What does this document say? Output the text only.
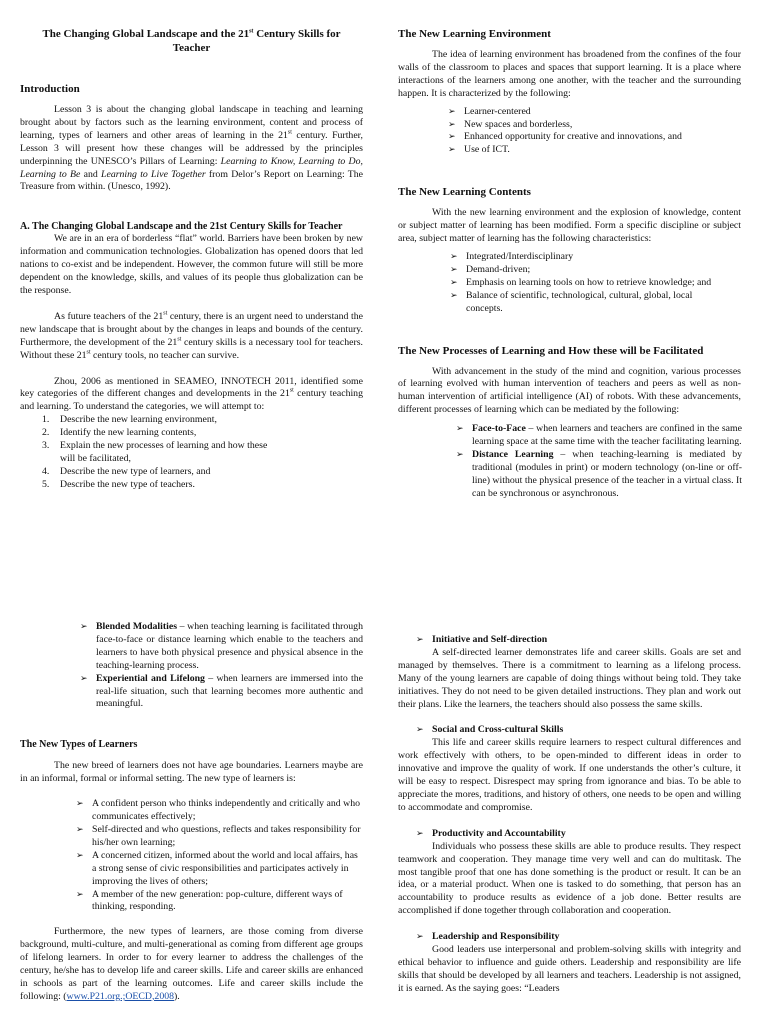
The Changing Global Landscape and the 21st Century Skills for
Teacher

Introduction

Lesson 3 is about the changing global landscape in teaching and learning brought about by factors such as the learning environment, content and process of learning, types of learners and other areas of learning in the 21st century. Further, Lesson 3 will present how these changes will be addressed by the principles underpinning the UNESCO’s Pillars of Learning: Learning to Know, Learning to Do, Learning to Be and Learning to Live Together from Delor’s Report on Learning: The Treasure from within. (Unesco, 1992).

A. The Changing Global Landscape and the 21st Century Skills for Teacher

We are in an era of borderless “flat” world. Barriers have been broken by new information and communication technologies. Globalization has opened doors that led nations to co-exist and be independent. However, the common future will still be more dependent on the knowledge, skills, and values of its people thus globalization can be the response.

As future teachers of the 21st century, there is an urgent need to understand the new landscape that is brought about by the changes in leaps and bounds of the century. Furthermore, the development of the 21st century skills is a necessary tool for teachers. Without these 21st century tools, no teacher can survive.

Zhou, 2006 as mentioned in SEAMEO, INNOTECH 2011, identified some key categories of the different changes and developments in the 21st century teaching and learning. To understand the categories, we will attempt to:

1. Describe the new learning environment,
2. Identify the new learning contents,
3. Explain the new processes of learning and how these will be facilitated,
4. Describe the new type of learners, and
5. Describe the new type of teachers.

The New Learning Environment

The idea of learning environment has broadened from the confines of the four walls of the classroom to places and spaces that support learning. It is a place where interactions of the learners among one another, with the teacher and the surrounding happen. It is characterized by the following:

➢ Learner-centered
➢ New spaces and borderless,
➢ Enhanced opportunity for creative and innovations, and
➢ Use of ICT.

The New Learning Contents

With the new learning environment and the explosion of knowledge, content or subject matter of learning has been modified. Form a specific discipline or subject area, subject matter of learning has the following characteristics:

➢ Integrated/Interdisciplinary
➢ Demand-driven;
➢ Emphasis on learning tools on how to retrieve knowledge; and
➢ Balance of scientific, technological, cultural, global, local concepts.

The New Processes of Learning and How these will be Facilitated

With advancement in the study of the mind and cognition, various processes of learning evolved with human intervention of teachers and peers as well as non-human intervention of artificial intelligence (AI) of robots. With these advancements, different processes of learning which can be mediated by the following:

➢ Face-to-Face – when learners and teachers are confined in the same learning space at the same time with the teacher facilitating learning.
➢ Distance Learning – when teaching-learning is mediated by traditional (modules in print) or modern technology (on-line or off-line) without the physical presence of the teacher in a virtual class. It can be synchronous or asynchronous.
➢ Blended Modalities – when teaching learning is facilitated through face-to-face or distance learning which enable to the teachers and learners to have both physical presence and physical absence in the teaching-learning process.
➢ Experiential and Lifelong – when learners are immersed into the real-life situation, such that learning becomes more authentic and meaningful.

The New Types of Learners

The new breed of learners does not have age boundaries. Learners maybe are in an informal, formal or informal setting. The new type of learners is:

➢ A confident person who thinks independently and critically and who communicates effectively;
➢ Self-directed and who questions, reflects and takes responsibility for his/her own learning;
➢ A concerned citizen, informed about the world and local affairs, has a strong sense of civic responsibilities and participates actively in improving the lives of others;
➢ A member of the new generation: pop-culture, different ways of thinking, responding.

Furthermore, the new types of learners, are those coming from diverse background, multi-culture, and multi-generational as coming from different age groups of lifelong learners. In order to for every learner to address the challenges of the century, he/she has to develop life and career skills. Life and career skills are enhanced in schools as part of the learning outcomes. Life and career skills include the following: (www.P21.org.;OECD,2008).

➢ Initiative and Self-direction

A self-directed learner demonstrates life and career skills. Goals are set and managed by themselves. There is a commitment to learning as a lifelong process. Many of the young learners are capable of doing things without being told. They take initiatives. They do not need to be given detailed instructions. They plan and work out their plans. Like the learners, the teachers should also possess the same skills.

➢ Social and Cross-cultural Skills

This life and career skills require learners to respect cultural differences and work effectively with others, to be open-minded to different ideas in order to innovative and improve the quality of work. If one understands the other’s culture, it will be easy to respect. Disrespect may spring from ignorance and bias. To be able to appreciate the mores, traditions, and history of others, one needs to be open and willing to accommodate and compromise.

➢ Productivity and Accountability

Individuals who possess these skills are able to produce results. They respect teamwork and cooperation. They manage time very well and can do multitask. The most tangible proof that one has done something is the product or result. It can be an idea, or a material product. When one is tasked to do something, that person has an accountability to produce results as evidence of a job done. Better results are accomplished if done together through collaboration and cooperation.

➢ Leadership and Responsibility

Good leaders use interpersonal and problem-solving skills with integrity and ethical behavior to influence and guide others. Leadership and responsibility are life skills that should be developed by all learners and teachers. Leadership is not assigned, it is earned. As the saying goes: “Leaders
